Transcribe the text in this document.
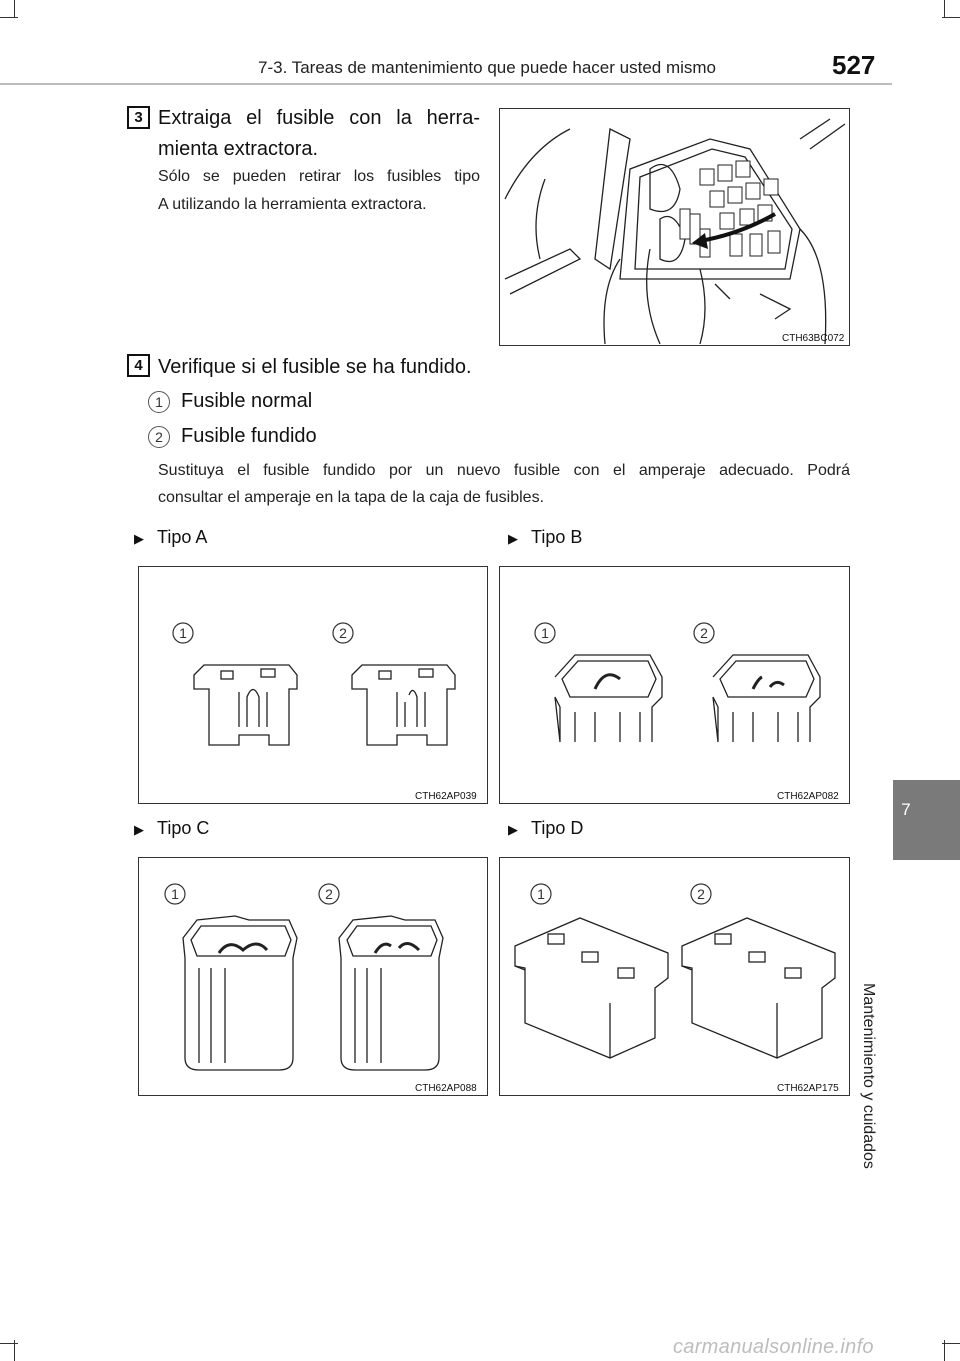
7-3. Tareas de mantenimiento que puede hacer usted mismo	527
7
Mantenimiento y cuidados
3 Extraiga el fusible con la herra-
mienta extractora.
Sólo se pueden retirar los fusibles tipo
A utilizando la herramienta extractora.
CTH63BC072
4 Verifique si el fusible se ha fundido.
1 Fusible normal
2 Fusible fundido
Sustituya el fusible fundido por un nuevo fusible con el amperaje adecuado. Podrá
consultar el amperaje en la tapa de la caja de fusibles.
▶ Tipo A	▶ Tipo B
1	2
CTH62AP039
1	2
CTH62AP082
▶ Tipo C	▶ Tipo D
1	2
CTH62AP088
1	2
CTH62AP175
carmanualsonline.info
